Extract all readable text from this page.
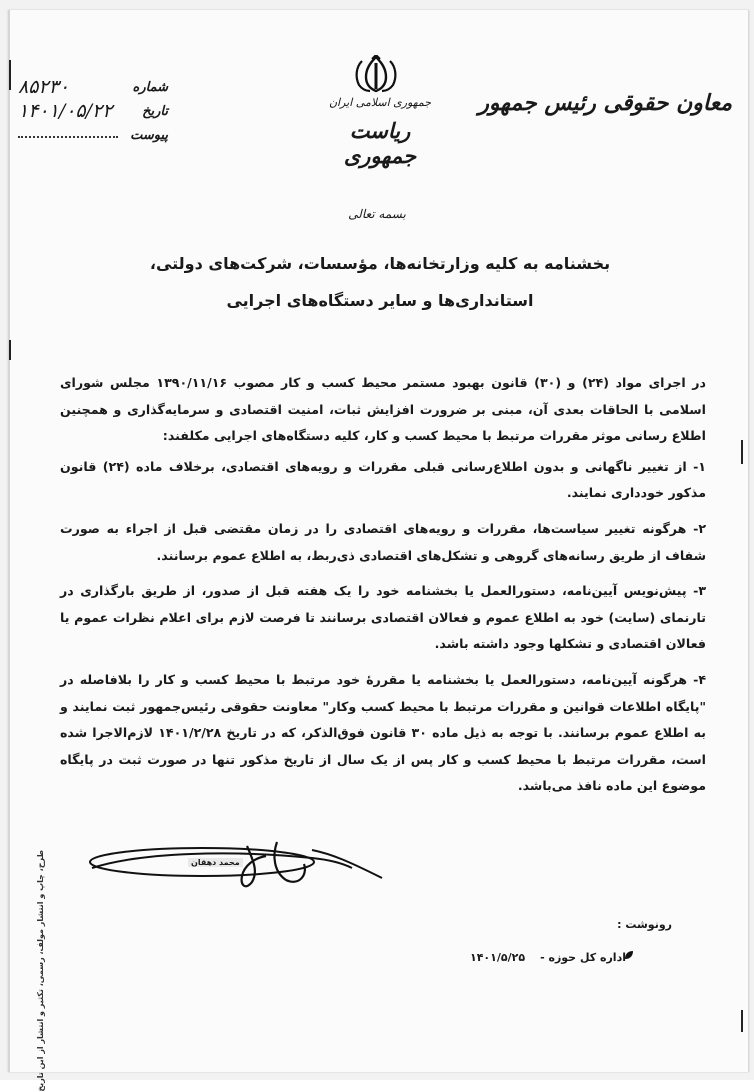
معاون حقوقی رئیس جمهور
جمهوری اسلامی ایران
ریاست جمهوری
شماره
۸۵۲۳۰
تاریخ
۱۴۰۱/۰۵/۲۲
پیوست
بسمه تعالی
بخشنامه به کلیه وزارتخانه‌ها، مؤسسات، شرکت‌های دولتی،
استانداری‌ها و سایر دستگاه‌های اجرایی

در اجرای مواد (۲۴) و (۳۰) قانون بهبود مستمر محیط کسب و کار مصوب ۱۳۹۰/۱۱/۱۶ مجلس شورای اسلامی با الحاقات بعدی آن، مبنی بر ضرورت افزایش ثبات، امنیت اقتصادی و سرمایه‌گذاری و همچنین اطلاع رسانی موثر مقررات مرتبط با محیط کسب و کار، کلیه دستگاه‌های اجرایی مکلفند:

۱- از تغییر ناگهانی و بدون اطلاع‌رسانی قبلی مقررات و رویه‌های اقتصادی، برخلاف ماده (۲۴) قانون مذکور خودداری نمایند.

۲- هرگونه تغییر سیاست‌ها، مقررات و رویه‌های اقتصادی را در زمان مقتضی قبل از اجراء به صورت شفاف از طریق رسانه‌های گروهی و تشکل‌های اقتصادی ذی‌ربط، به اطلاع عموم برسانند.

۳- پیش‌نویس آیین‌نامه، دستورالعمل یا بخشنامه خود را یک هفته قبل از صدور، از طریق بارگذاری در تارنمای (سایت) خود به اطلاع عموم و فعالان اقتصادی برسانند تا فرصت لازم برای اعلام نظرات عموم یا فعالان اقتصادی و تشکلها وجود داشته باشد.

۴- هرگونه آیین‌نامه، دستورالعمل یا بخشنامه یا مقررهٔ خود مرتبط با محیط کسب و کار را بلافاصله در "پایگاه اطلاعات قوانین و مقررات مرتبط با محیط کسب وکار" معاونت حقوقی رئیس‌جمهور ثبت نمایند و به اطلاع عموم برسانند. با توجه به ذیل ماده ۳۰ قانون فوق‌الذکر، که در تاریخ ۱۴۰۱/۲/۲۸ لازم‌الاجرا شده است، مقررات مرتبط با محیط کسب و کار پس از یک سال از تاریخ مذکور تنها در صورت ثبت در پایگاه موضوع این ماده نافذ می‌باشد.

محمد دهقان
طرح، چاپ و انتشار مولف، رسمی، تکثیر و انتشار از این تاریخ	رونوشت :
اداره کل حوزه -
۱۴۰۱/۵/۲۵
